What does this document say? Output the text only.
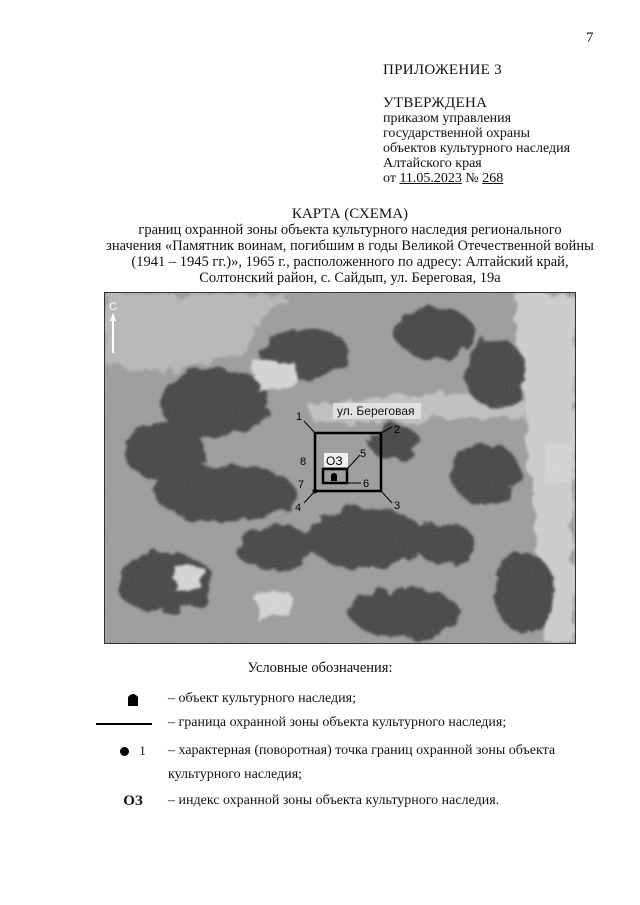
7
ПРИЛОЖЕНИЕ 3
УТВЕРЖДЕНА
приказом управления
государственной охраны
объектов культурного наследия
Алтайского края
от 11.05.2023 № 268
КАРТА (СХЕМА)
границ охранной зоны объекта культурного наследия регионального
значения «Памятник воинам, погибшим в годы Великой Отечественной войны
(1941 – 1945 гг.)», 1965 г., расположенного по адресу: Алтайский край,
Солтонский район, с. Сайдып, ул. Береговая, 19а
С
ул. Береговая
ОЗ
1
2
3
4
5
6
7
8
Условные обозначения:
– объект культурного наследия;
– граница охранной зоны объекта культурного наследия;
1	– характерная (поворотная) точка границ охранной зоны объекта
культурного наследия;
ОЗ	– индекс охранной зоны объекта культурного наследия.
